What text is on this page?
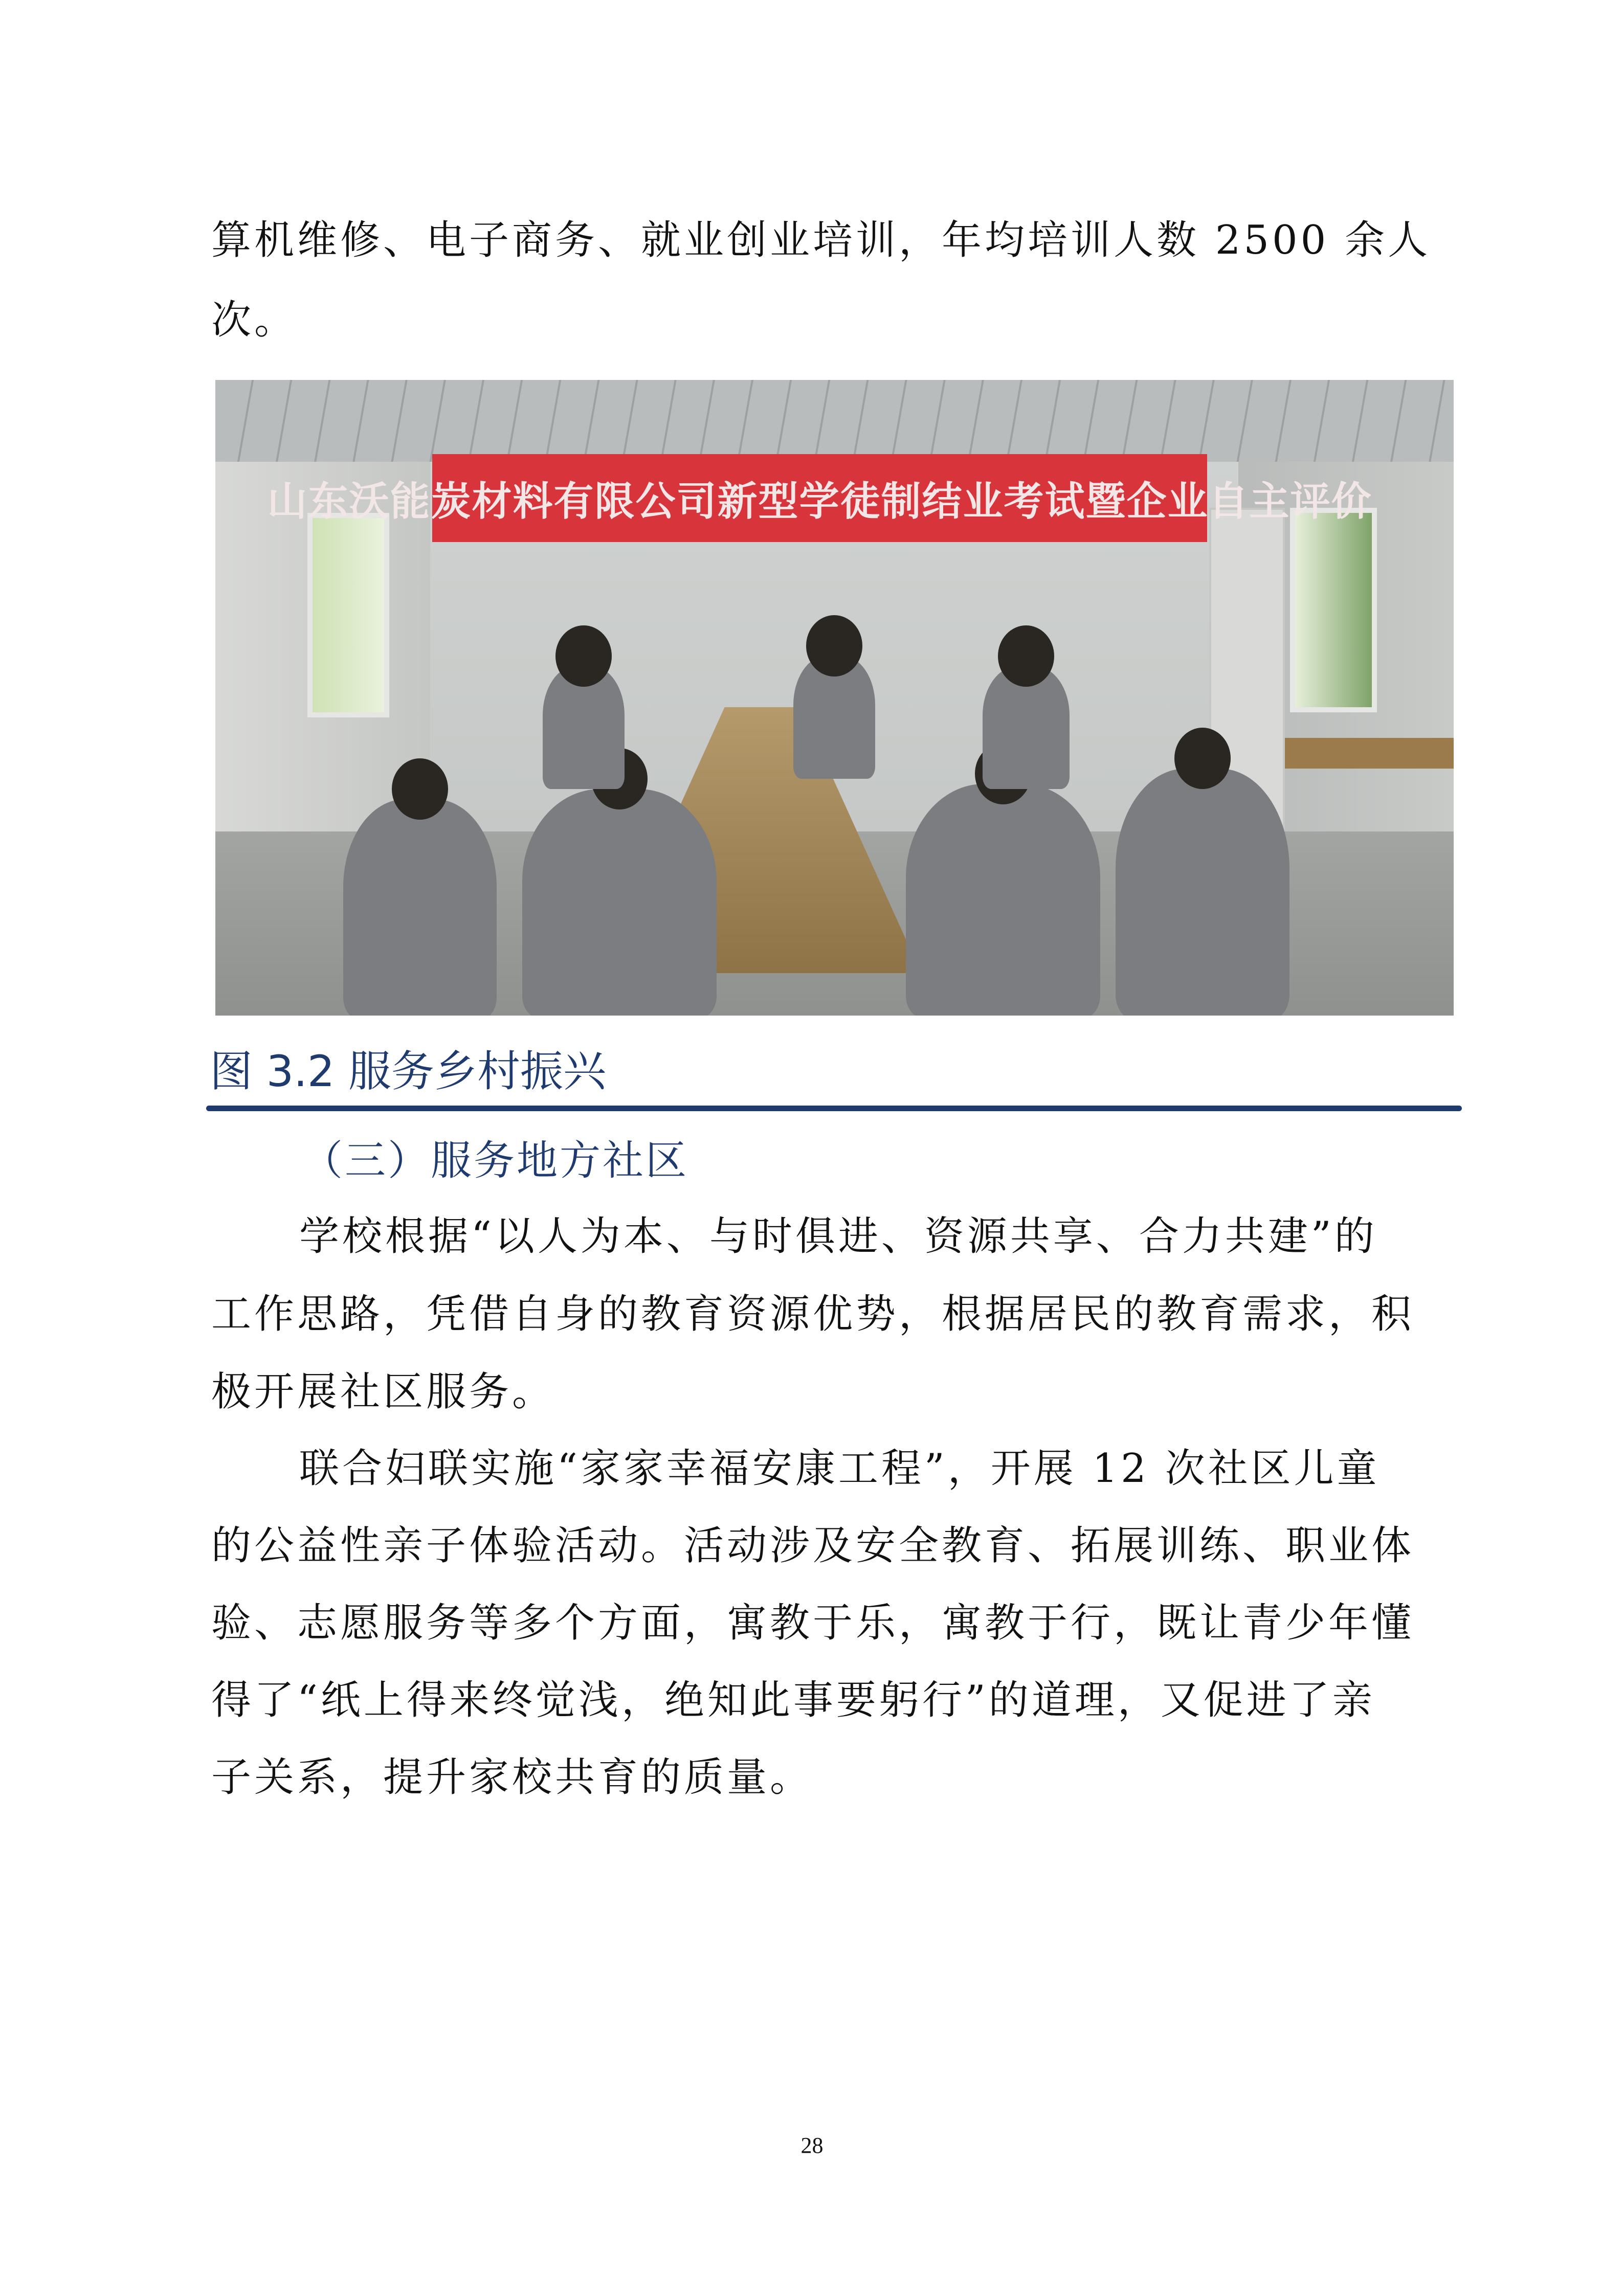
算机维修、电子商务、就业创业培训，年均培训人数 2500 余人
次。
山东沃能炭材料有限公司新型学徒制结业考试暨企业自主评价
图 3.2 服务乡村振兴
（三）服务地方社区
学校根据“以人为本、与时俱进、资源共享、合力共建”的
工作思路，凭借自身的教育资源优势，根据居民的教育需求，积
极开展社区服务。
联合妇联实施“家家幸福安康工程”，开展 12 次社区儿童
的公益性亲子体验活动。活动涉及安全教育、拓展训练、职业体
验、志愿服务等多个方面，寓教于乐，寓教于行，既让青少年懂
得了“纸上得来终觉浅，绝知此事要躬行”的道理，又促进了亲
子关系，提升家校共育的质量。
28
